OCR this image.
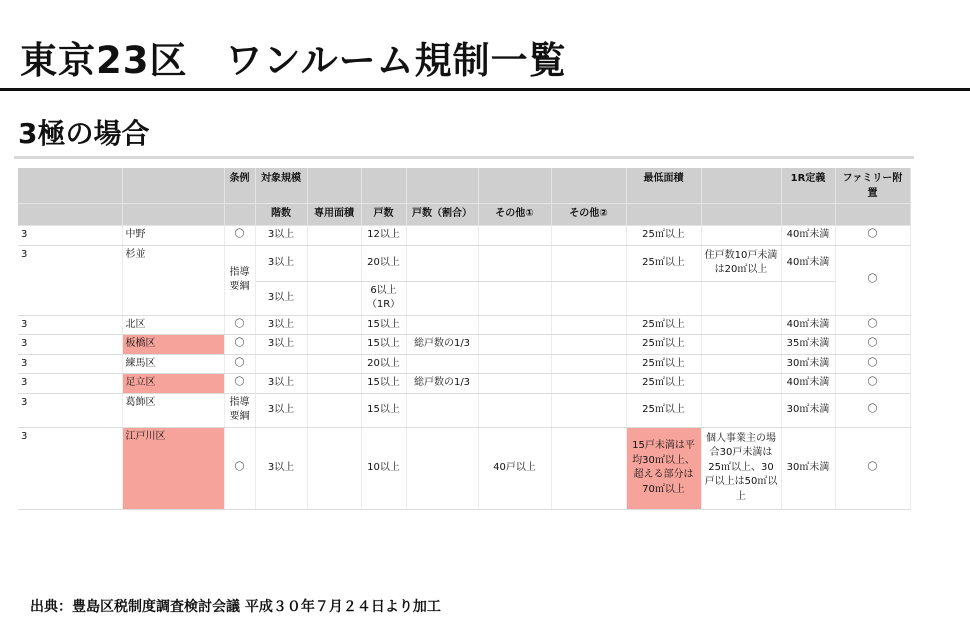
東京23区　ワンルーム規制一覧
3極の場合
		条例	対象規模						最低面積		1R定義	ファミリー附置
			階数	専用面積	戸数	戸数（割合）	その他①	その他②				
3	中野	〇	3以上		12以上				25㎡以上		40㎡未満	〇
3	杉並	指導要綱	3以上		20以上				25㎡以上	住戸数10戸未満は20㎡以上	40㎡未満	〇
			3以上		6以上（1R）							
3	北区	〇	3以上		15以上				25㎡以上		40㎡未満	〇
3	板橋区	〇	3以上		15以上	総戸数の1/3			25㎡以上		35㎡未満	〇
3	練馬区	〇			20以上				25㎡以上		30㎡未満	〇
3	足立区	〇	3以上		15以上	総戸数の1/3			25㎡以上		40㎡未満	〇
3	葛飾区	指導要綱	3以上		15以上				25㎡以上		30㎡未満	〇
3	江戸川区	〇	3以上		10以上		40戸以上		15戸未満は平均30㎡以上、超える部分は70㎡以上	個人事業主の場合30戸未満は25㎡以上、30戸以上は50㎡以上	30㎡未満	〇
出典：豊島区税制度調査検討会議 平成３０年７月２４日より加工
